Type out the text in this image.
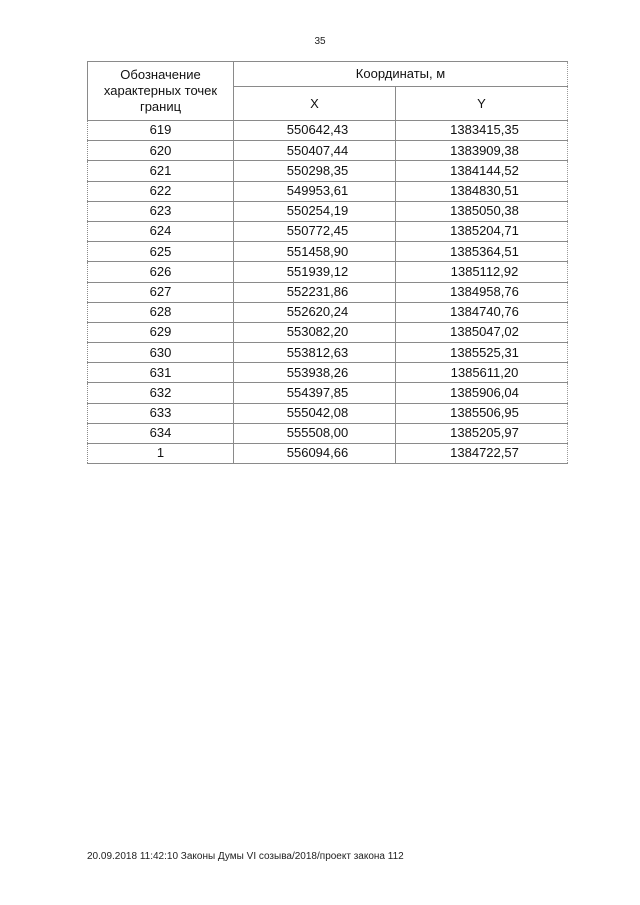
35
Обозначение характерных точек границ	Координаты, м	
	X	Y
619	550642,43	1383415,35
620	550407,44	1383909,38
621	550298,35	1384144,52
622	549953,61	1384830,51
623	550254,19	1385050,38
624	550772,45	1385204,71
625	551458,90	1385364,51
626	551939,12	1385112,92
627	552231,86	1384958,76
628	552620,24	1384740,76
629	553082,20	1385047,02
630	553812,63	1385525,31
631	553938,26	1385611,20
632	554397,85	1385906,04
633	555042,08	1385506,95
634	555508,00	1385205,97
1	556094,66	1384722,57
20.09.2018 11:42:10 Законы Думы VI созыва/2018/проект закона 112
